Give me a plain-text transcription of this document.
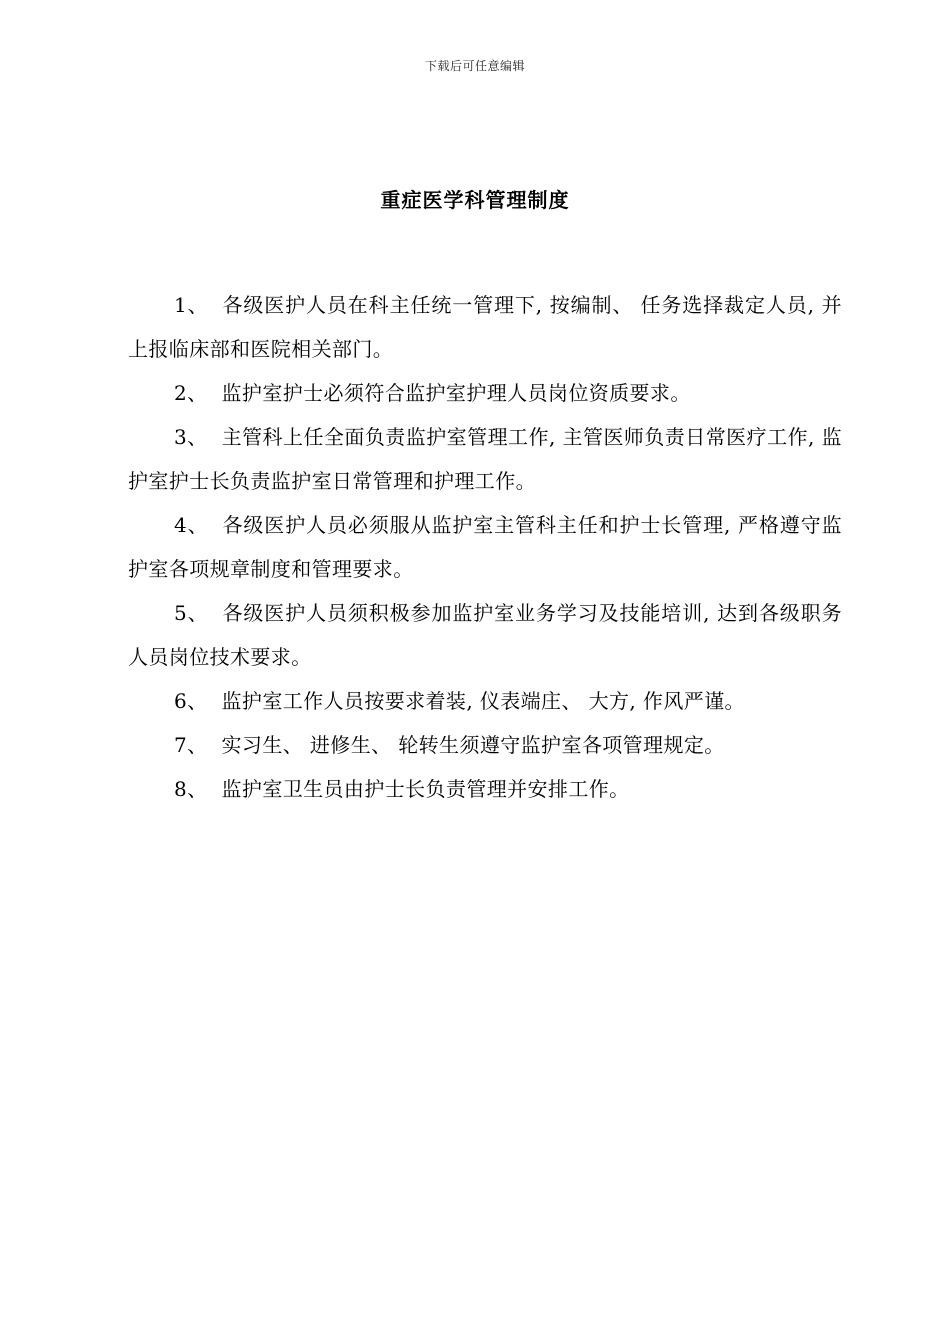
下载后可任意编辑
重症医学科管理制度

1、 各级医护人员在科主任统一管理下, 按编制、 任务选择裁定人员, 并上报临床部和医院相关部门。

2、 监护室护士必须符合监护室护理人员岗位资质要求。

3、 主管科上任全面负责监护室管理工作, 主管医师负责日常医疗工作, 监护室护士长负责监护室日常管理和护理工作。

4、 各级医护人员必须服从监护室主管科主任和护士长管理, 严格遵守监护室各项规章制度和管理要求。

5、 各级医护人员须积极参加监护室业务学习及技能培训, 达到各级职务人员岗位技术要求。

6、 监护室工作人员按要求着装, 仪表端庄、 大方, 作风严谨。

7、 实习生、 进修生、 轮转生须遵守监护室各项管理规定。

8、 监护室卫生员由护士长负责管理并安排工作。
